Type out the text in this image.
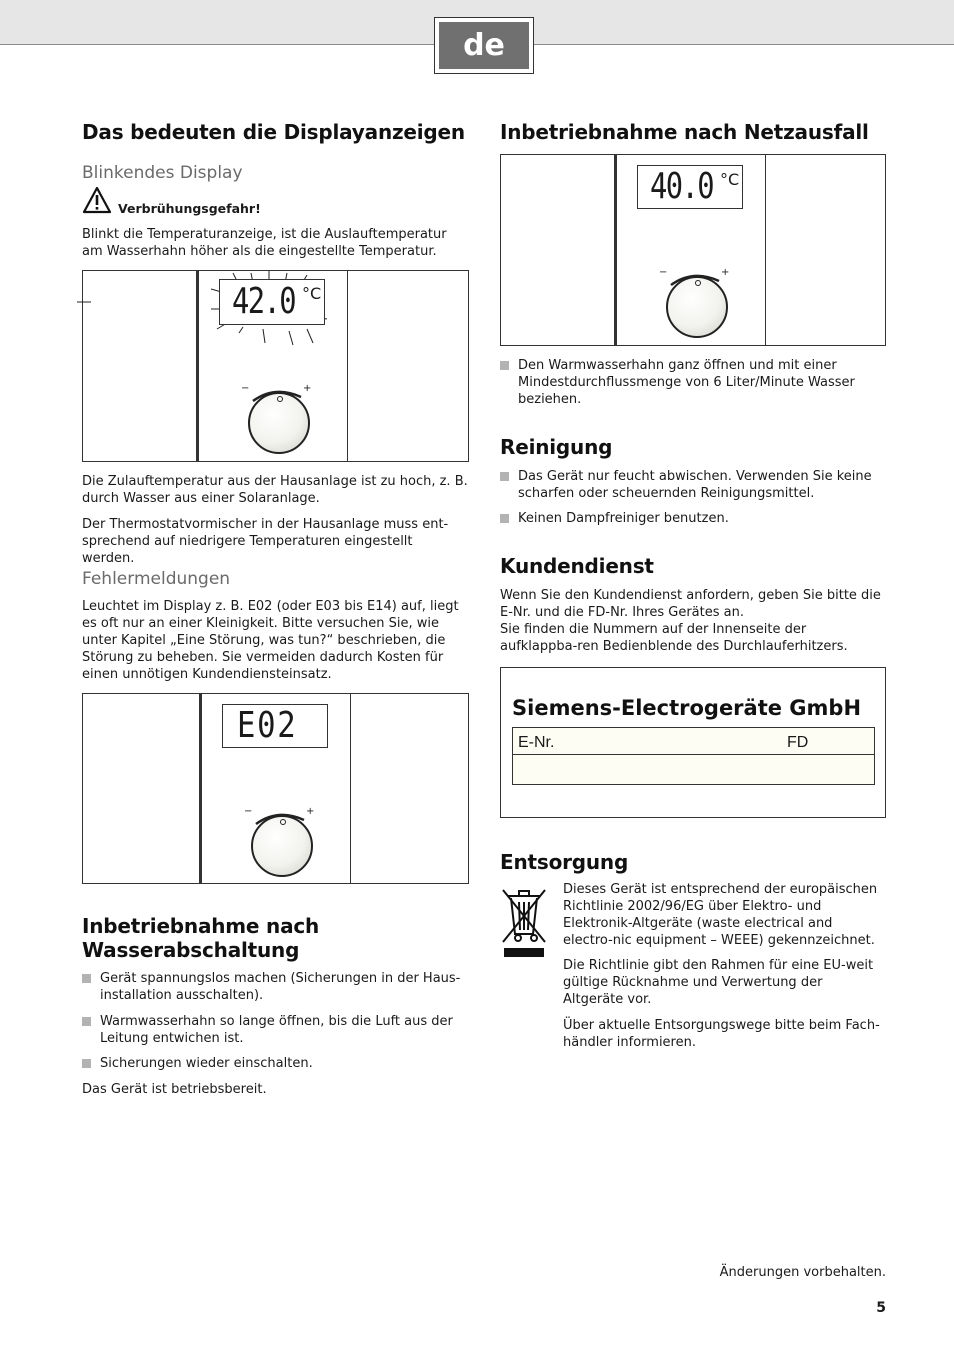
de
Das bedeuten die Displayanzeigen
Blinkendes Display
Verbrühungsgefahr!
Blinkt die Temperaturanzeige, ist die Auslauftemperatur am Wasserhahn höher als die eingestellte Temperatur.
42.0 °C
−	+
Die Zulauftemperatur aus der Hausanlage ist zu hoch, z. B. durch Wasser aus einer Solaranlage.
Der Thermostatvormischer in der Hausanlage muss ent-sprechend auf niedrigere Temperaturen eingestellt werden.
Fehlermeldungen
Leuchtet im Display z. B. E02 (oder E03 bis E14) auf, liegt es oft nur an einer Kleinigkeit. Bitte versuchen Sie, wie unter Kapitel „Eine Störung, was tun?“ beschrieben, die Störung zu beheben. Sie vermeiden dadurch Kosten für einen unnötigen Kundendiensteinsatz.
E02
−	+
Inbetriebnahme nach Wasserabschaltung
Gerät spannungslos machen (Sicherungen in der Haus-installation ausschalten).
Warmwasserhahn so lange öffnen, bis die Luft aus der Leitung entwichen ist.
Sicherungen wieder einschalten.
Das Gerät ist betriebsbereit.
Inbetriebnahme nach Netzausfall
40.0 °C
−	+
Den Warmwasserhahn ganz öffnen und mit einer Mindestdurchflussmenge von 6 Liter/Minute Wasser beziehen.
Reinigung
Das Gerät nur feucht abwischen. Verwenden Sie keine scharfen oder scheuernden Reinigungsmittel.
Keinen Dampfreiniger benutzen.
Kundendienst
Wenn Sie den Kundendienst anfordern, geben Sie bitte die E-Nr. und die FD-Nr. Ihres Gerätes an.
Sie finden die Nummern auf der Innenseite der aufklappba-ren Bedienblende des Durchlauferhitzers.
Siemens-Electrogeräte GmbH
E-Nr.	FD
Entsorgung
Dieses Gerät ist entsprechend der europäischen Richtlinie 2002/96/EG über Elektro- und Elektronik-Altgeräte (waste electrical and electro-nic equipment – WEEE) gekennzeichnet.
Die Richtlinie gibt den Rahmen für eine EU-weit gültige Rücknahme und Verwertung der Altgeräte vor.
Über aktuelle Entsorgungswege bitte beim Fach-händler informieren.
Änderungen vorbehalten.
5
